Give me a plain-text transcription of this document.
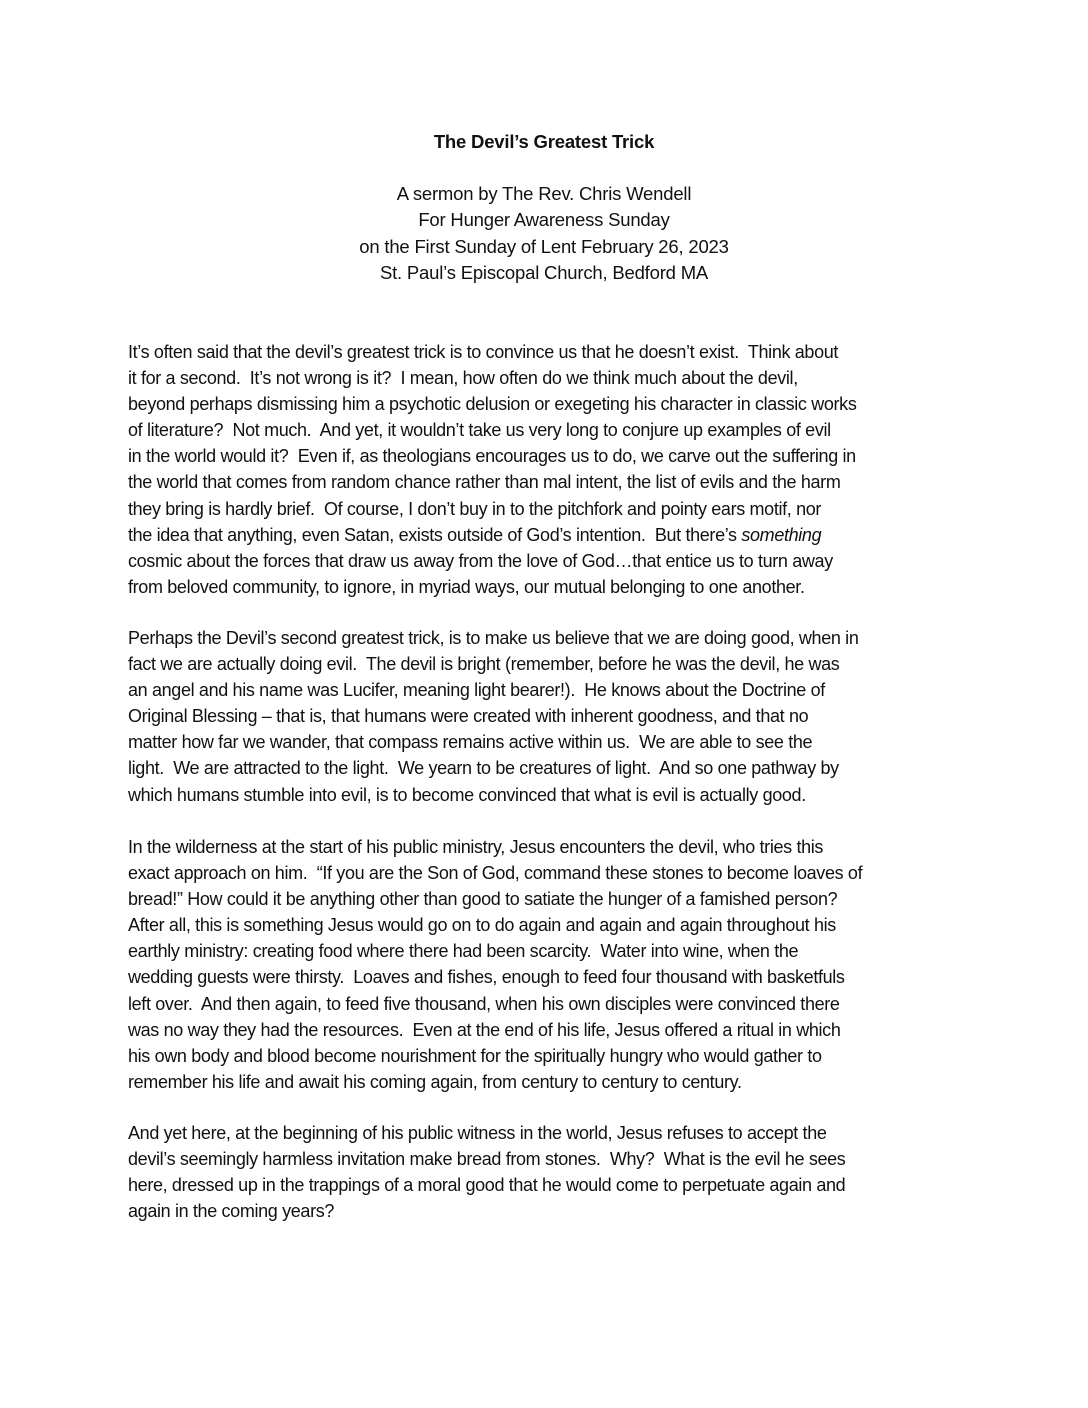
The Devil’s Greatest Trick
A sermon by The Rev. Chris Wendell
For Hunger Awareness Sunday
on the First Sunday of Lent February 26, 2023
St. Paul’s Episcopal Church, Bedford MA

It’s often said that the devil’s greatest trick is to convince us that he doesn’t exist.  Think about
it for a second.  It’s not wrong is it?  I mean, how often do we think much about the devil,
beyond perhaps dismissing him a psychotic delusion or exegeting his character in classic works
of literature?  Not much.  And yet, it wouldn’t take us very long to conjure up examples of evil
in the world would it?  Even if, as theologians encourages us to do, we carve out the suffering in
the world that comes from random chance rather than mal intent, the list of evils and the harm
they bring is hardly brief.  Of course, I don’t buy in to the pitchfork and pointy ears motif, nor
the idea that anything, even Satan, exists outside of God’s intention.  But there’s something
cosmic about the forces that draw us away from the love of God…that entice us to turn away
from beloved community, to ignore, in myriad ways, our mutual belonging to one another.

Perhaps the Devil’s second greatest trick, is to make us believe that we are doing good, when in
fact we are actually doing evil.  The devil is bright (remember, before he was the devil, he was
an angel and his name was Lucifer, meaning light bearer!).  He knows about the Doctrine of
Original Blessing – that is, that humans were created with inherent goodness, and that no
matter how far we wander, that compass remains active within us.  We are able to see the
light.  We are attracted to the light.  We yearn to be creatures of light.  And so one pathway by
which humans stumble into evil, is to become convinced that what is evil is actually good.

In the wilderness at the start of his public ministry, Jesus encounters the devil, who tries this
exact approach on him.  “If you are the Son of God, command these stones to become loaves of
bread!” How could it be anything other than good to satiate the hunger of a famished person?
After all, this is something Jesus would go on to do again and again and again throughout his
earthly ministry: creating food where there had been scarcity.  Water into wine, when the
wedding guests were thirsty.  Loaves and fishes, enough to feed four thousand with basketfuls
left over.  And then again, to feed five thousand, when his own disciples were convinced there
was no way they had the resources.  Even at the end of his life, Jesus offered a ritual in which
his own body and blood become nourishment for the spiritually hungry who would gather to
remember his life and await his coming again, from century to century to century.

And yet here, at the beginning of his public witness in the world, Jesus refuses to accept the
devil’s seemingly harmless invitation make bread from stones.  Why?  What is the evil he sees
here, dressed up in the trappings of a moral good that he would come to perpetuate again and
again in the coming years?
